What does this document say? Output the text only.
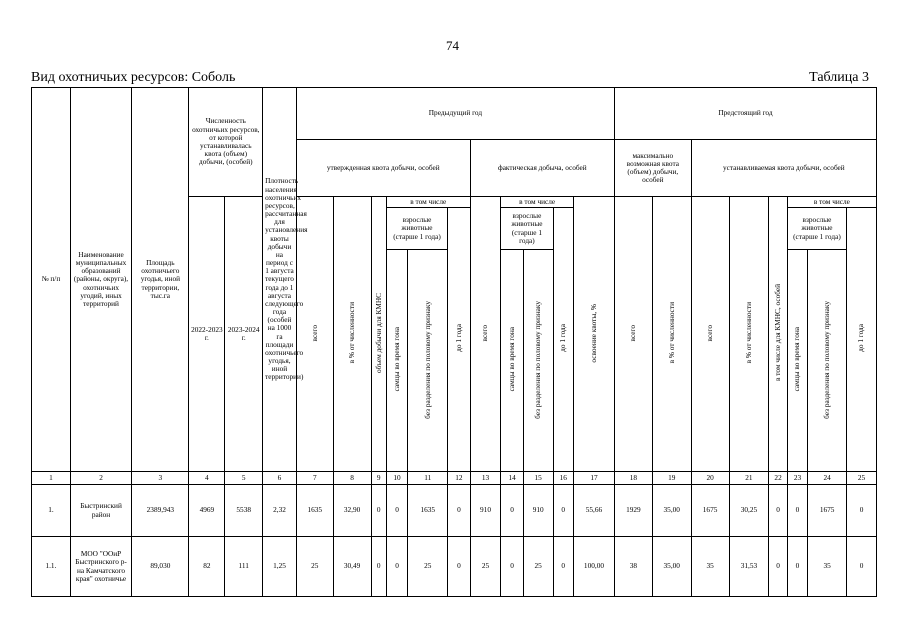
74
Вид охотничьих ресурсов: Соболь	Таблица 3
№ п/п	Наименование муниципальных образований (районы, округа), охотничьих угодий, иных территорий	Площадь охотничьего угодья, иной территории, тыс.га	Численность охотничьих ресурсов, от которой устанавливалась квота (объем) добычи, (особей)		Плотность населения охотничьих ресурсов, рассчитанная для установления квоты добычи на период с 1 августа текущего года до 1 августа следующего года (особей на 1000 га площади охотничьего угодья, иной территории)	Предыдущий год											Предстоящий год							
						утвержденная квота добычи, особей						фактическая добыча, особей					максимально возможная квота (объем) добычи, особей		устанавливаемая квота добычи, особей					
			2022-2023 г.	2023-2024 г.		всего	в % от численности	объем добычи для КМНС	в том числе			всего	в том числе			освоение квоты, %	всего	в % от численности	всего	в % от численности	в том числе для КМНС, особей	в том числе		
									взрослые животные (старше 1 года)		до 1 года		взрослые животные (старше 1 года)		до 1 года							взрослые животные (старше 1 года)		до 1 года
									самцы во время гона	без разделения по половому признаку			самцы во время гона	без разделения по половому признаку								самцы во время гона	без разделения по половому признаку	
1	2	3	4	5	6	7	8	9	10	11	12	13	14	15	16	17	18	19	20	21	22	23	24	25
1.	Быстринский район	2389,943	4969	5538	2,32	1635	32,90	0	0	1635	0	910	0	910	0	55,66	1929	35,00	1675	30,25	0	0	1675	0
1.1.	МОО "ООиР Быстринского р-на Камчатского края" охотничье	89,030	82	111	1,25	25	30,49	0	0	25	0	25	0	25	0	100,00	38	35,00	35	31,53	0	0	35	0
